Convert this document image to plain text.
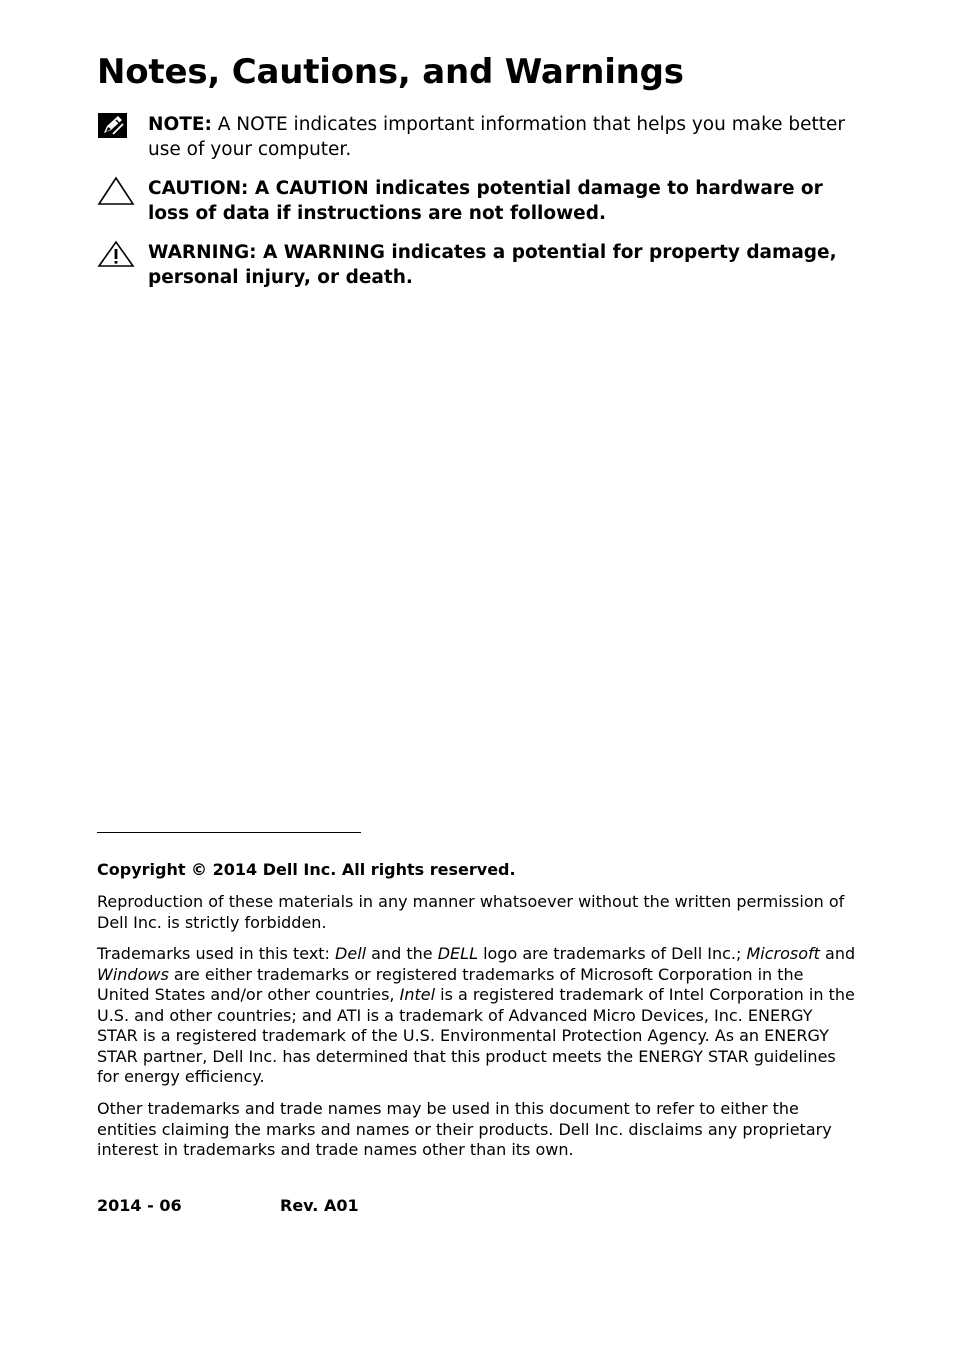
Notes, Cautions, and Warnings
NOTE: A NOTE indicates important information that helps you make better use of your computer.
CAUTION: A CAUTION indicates potential damage to hardware or loss of data if instructions are not followed.
WARNING: A WARNING indicates a potential for property damage, personal injury, or death.

Copyright © 2014 Dell Inc. All rights reserved.

Reproduction of these materials in any manner whatsoever without the written permission of Dell Inc. is strictly forbidden.

Trademarks used in this text: Dell and the DELL logo are trademarks of Dell Inc.; Microsoft and Windows are either trademarks or registered trademarks of Microsoft Corporation in the United States and/or other countries, Intel is a registered trademark of Intel Corporation in the U.S. and other countries; and ATI is a trademark of Advanced Micro Devices, Inc. ENERGY STAR is a registered trademark of the U.S. Environmental Protection Agency. As an ENERGY STAR partner, Dell Inc. has determined that this product meets the ENERGY STAR guidelines for energy efficiency.

Other trademarks and trade names may be used in this document to refer to either the entities claiming the marks and names or their products. Dell Inc. disclaims any proprietary interest in trademarks and trade names other than its own.

2014 - 06	Rev. A01
